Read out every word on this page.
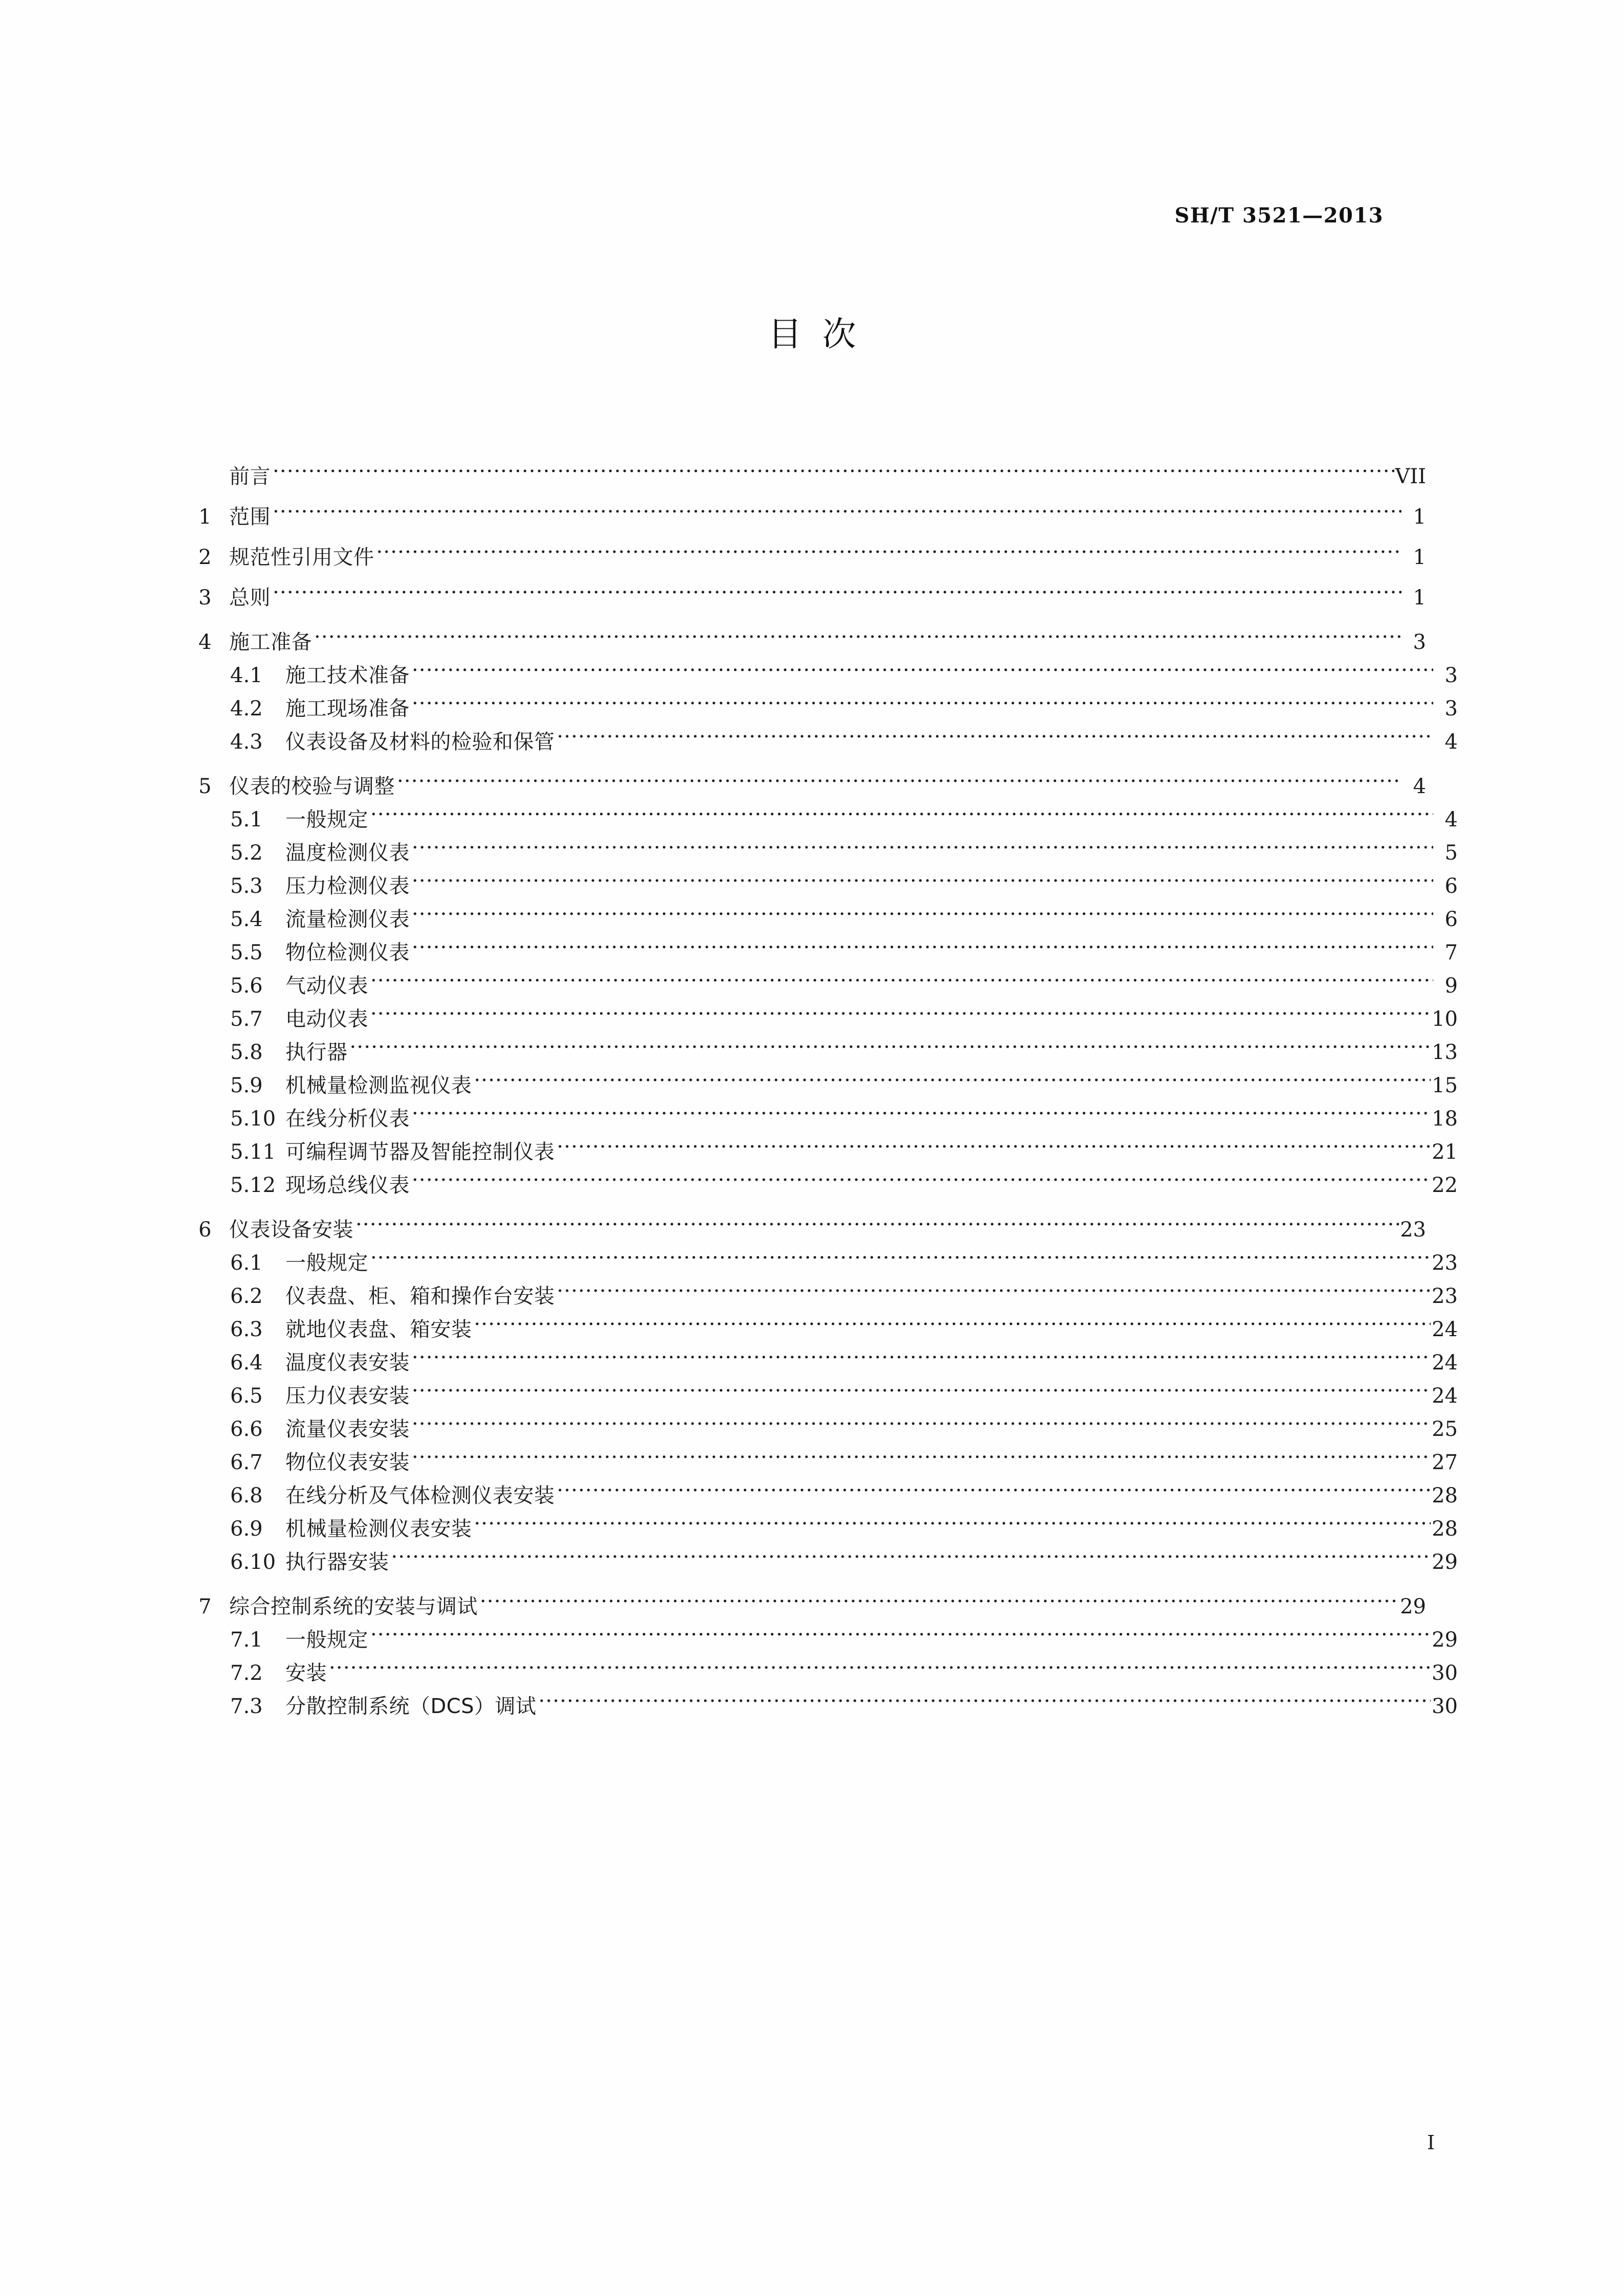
SH/T 3521—2013
目次
前言 ·····	VII
1 范围 ·····	1
2 规范性引用文件 ·····	1
3 总则 ·····	1
4 施工准备 ·····	3
4.1	施工技术准备 ·····	3
4.2	施工现场准备 ·····	3
4.3	仪表设备及材料的检验和保管 ·····	4
5 仪表的校验与调整 ·····	4
5.1	一般规定 ·····	4
5.2	温度检测仪表 ·····	5
5.3	压力检测仪表 ·····	6
5.4	流量检测仪表 ·····	6
5.5	物位检测仪表 ·····	7
5.6	气动仪表 ·····	9
5.7	电动仪表 ·····	10
5.8	执行器 ·····	13
5.9	机械量检测监视仪表 ·····	15
5.10 在线分析仪表 ·····	18
5.11 可编程调节器及智能控制仪表 ·····	21
5.12 现场总线仪表 ·····	22
6 仪表设备安装 ·····	23
6.1	一般规定 ·····	23
6.2	仪表盘、柜、箱和操作台安装 ·····	23
6.3	就地仪表盘、箱安装 ·····	24
6.4	温度仪表安装 ·····	24
6.5	压力仪表安装 ·····	24
6.6	流量仪表安装 ·····	25
6.7	物位仪表安装 ·····	27
6.8	在线分析及气体检测仪表安装 ·····	28
6.9	机械量检测仪表安装 ·····	28
6.10 执行器安装 ·····	29
7 综合控制系统的安装与调试 ·····	29
7.1	一般规定 ·····	29
7.2	安装 ·····	30
7.3	分散控制系统（DCS）调试 ·····	30
I
